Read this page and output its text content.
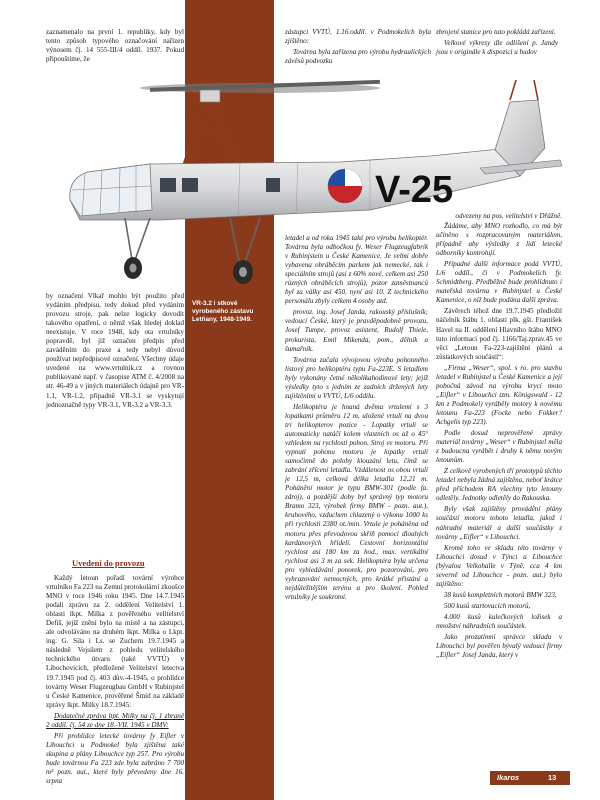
zaznamenalo na první 1. republiky, kdy byl tento způsob typového označování nařízen výnosem čj. 14 555-III/4 oddíl. 1937. Pokud připouštíme, že

zástupci VVTÚ, 1.16.oddíl. v Podmokelích byla zjištěno:

Továrna byla zařízena pro výrobu hydraulických závěsů podvozku

zbrojení stanice pro tuto pokládá zařízení.

Velkové výkresy dle odlišení p. Jandy jsou v originále k dispozici u budov

V-25
VR-3.2 i stkové vyrobeného zástavu Letňany, 1948-1949.

by označení Vlkař mohlo být použito před vydáním předpisu, tedy dokud před vydáním provozu stroje, pak nelze logicky dovodit takového opatření, o němž však hledej doklad neexistuje. V roce 1948, kdy ota vrtulníky popravdě, byl již označen předpis před zaváděním do praxe a tedy nebyl důvod používat nepředpisové označení. Všechny údaje uvedené na www.vrtulnik.cz a rovnou publikované např. v časopise ATM č. 4/2008 na str. 46-49 a v jiných materiálech údajně pro VR-1.1, VR-1.2, případně VR-3.1 se vyskytují jednoznačně typy VR-3.1, VR-3.2 a VR-3.3.

Uvedení do provozu

Každý letoun pořadí tovární výrobce vrtulníku Fa 223 na Zemní protokolární zkoušce MNO v roce 1946 roku 1945. Dne 14.7.1945 podali zprávu za 2. oddělení Velitelství 1. oblasti lkpt. Milka z pověřeného velitelství Defiš, jejíž znění bylo na místě a na zástupci, ale odvoláváno na druhém lkpt. Milka o Lkpt. ing. G. Sila i Ls. se Zuchem 19.7.1945 a následně Vejsilem z pohledu velitelského technického útvaru (také VVTÚ) v Libochovicích, předložené Velitelství letectva 19.7.1945 pod čj. 403 dův.-4-1945, o prohlídce továrny Weser Flugzeugbau GmbH v Rubinjstel u České Kamenice, prověřené Šmíd na základě zprávy lkpt. Milky 18.7.1945:

Dodatečně zpráva ltpt. Milky na čj. 1 zbraně 2 oddíl. čj. 54 ze dne 18.-VII. 1945 v DMV:

Při prohlídce letecké továrny fy Eifler v Libouchci u Podmokel byla zjištěna také skupina a plány Libouchce typ 257. Pro výrobu bude továrnou Fa 223 zde byla zabráno 7 700 m² pozn. aut., které byly převedeny dne 16. srpna

odvezeny na pos. velitelství v Dřážně.

letadel a od roku 1945 také pro výrobu helikoptér. Továrna byla odbočkou fy. Weser Flugzeugfabrik v Rubinjstein u České Kamenice. Je velmi dobře vybavena obráběcím parkem jak nemecké, tak i speciálním strojů (asi z 60% nové, celkem asi 250 různých obráběcích strojů), pozor zaměstnanců byl za války asi 450, nyní asi 10. Z technického personálu zbyly celkem 4 osoby atd.

provoz. ing. Josef Janda, rakouský příslušník; vedoucí České, který je pravděpodobně provozu, Josef Tumpe, provoz asistent, Rudolf Thiele, prokurista, Emil Mikenda, pom., dělník a šumařník.

Továrna začala vývojovou výrobu pohonného listový pro helikoptéru typu Fa-223E. S letadlem byly vykonány četné několikahodinové lety; jejíž výsledky tyto s jedním ze zadních držených lety zajištěními u VVTÚ, L/6 oddílu.

Helikoptéra je hnaná dvěma vrtulemi s 3 lopatkami průměru 12 m, uložené vrtulí na dvou tri helikopterov pozice - Lopatky vrtulí se automaticky natáčí kolem vlastních os až o 45° vzhledem na rychlosti pohon. Stroj ve motoru. Při vypnutí pohonu motoru je lopatky vrtulí samočinně do polohy klouzání letu, čímž se zabrání zřícení letadla. Vzdálenost os obou vrtulí je 12,5 m, celková délka letadla 12,21 m. Pohánění motor je typu BMW-301 (podle fa. zdroj), a pozdější doby byl správný typ motoru Bramo 323, výrobek firmy BMW - pozn. aut.), kruhového, vzduchem chlazený o výkonu 1000 ks při rychlosti 2380 ot./min. Vrtule je poháněna od motoru přes převodovou skříň pomocí dlouhých kardanových hřídelí. Cestovní horizontální rychlost asi 180 km za hod., max. vertikální rychlost asi 3 m za sek. Helikoptéra byla určena pro vyhledávání ponorek, pro pozorování, pro vyhrazování nemocných, pro krátké přistání a nejdůležitějším terénu a pro školení. Pohled vrtulníky je soukromí.

Žádáme, aby MNO rozhodlo, co má být učiněno s rozpracovaným materiálem, případně aby výsledky z lidí letecké odborníky kontrolují.

Případné další informace podá VVTÚ, L/6 oddíl., či v Podmokelích fy. Schmidtberg. Předběžně bude prohlídnuto i mateřská továrna v Rubinjstel u České Kamenice, o níž bude podána další zpráva.

Závěrech téhož dne 19.7.1945 předložil náčelník štábu 1. oblasti plk. gšt. František Havel na II. oddělení Hlavního štábu MNO tuto informaci pod čj. 1166/Taj.zprav.45 ve věci „Letoun Fa-223-zajištění plánů a zůstatkových součástí“:

„Firma „Weser“, spol. s ro. pro stavbu letadel v Rubinjstel u České Kamenice a její pobočná závod na výrobu krycí moto „Eifler“ v Libouchci tzm. Königswald - 12 km z Podmokel) vyráběly motory k novému letounu Fa-223 (Focke nebo Fokker? Achgelis typ 223).

Podle dosud neprověřené zprávy materiál továrny „Weser“ v Rubinjstel měla z budoucna vyrábět i druhy k němu novým letounům.

Z celkově vyrobených tří prototypů těchto letadel nebyla žádná zajištěna, neboť krátce před příchodem RA všechny tyto letouny odletěly. Jednotky odletěly do Rakouska.

Byly však zajištěny provádění plány součástí motoru tohoto letadla, jakož i náhradní materiál a další součástky z továrny „Eifler“ v Libouchci.

Kromě toho ve skladu této továrny v Libouchci dosud v Týnci a Libouchce (bývalou Velkohalle v Týně, cca 4 km severně od Libouchce - pozn. aut.) bylo zajištěno:

38 kusů kompletních motorů BMW 323,

500 kusů startovacích motorů,

4.000 kusů kulečkových ložisek a množství náhradních součástek.

Jako prozatímní správce skladu v Libouchci byl pověřen bývalý vedoucí firmy „Eifler“ Josef Janda, který v

Ikaros	13
